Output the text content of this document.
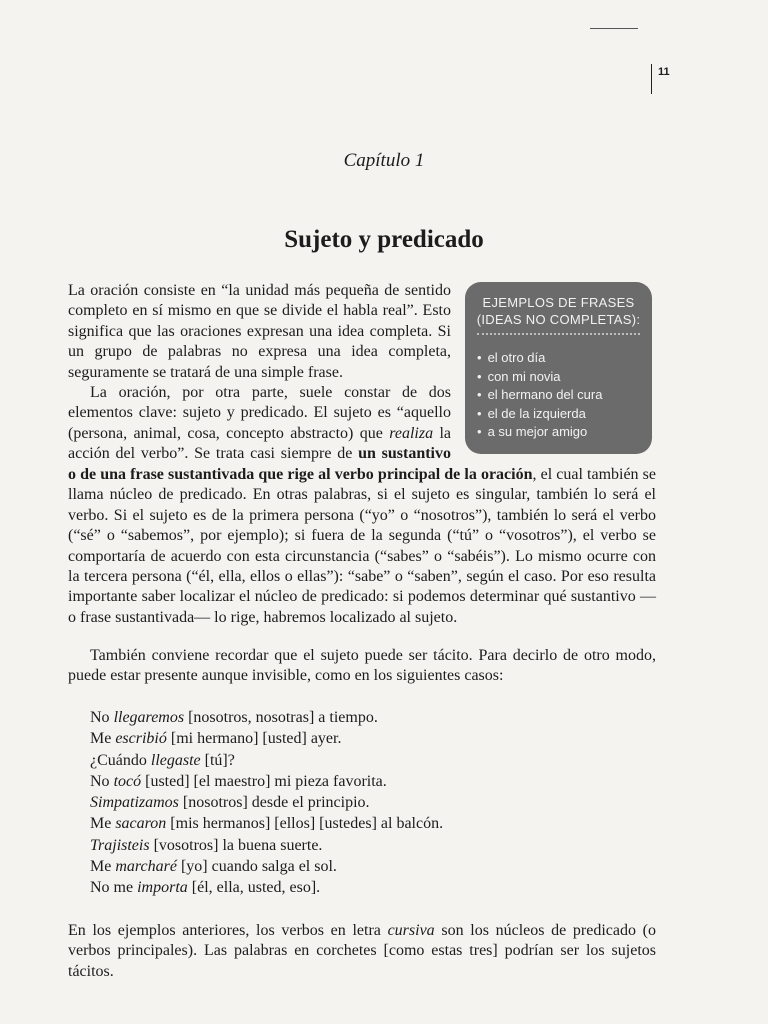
11
Capítulo 1
Sujeto y predicado

La oración consiste en “la unidad más pequeña de sentido completo en sí mismo en que se divide el habla real”. Esto significa que las oraciones expresan una idea completa. Si un grupo de palabras no expresa una idea completa, seguramente se tratará de una simple frase.

La oración, por otra parte, suele constar de dos elementos clave: sujeto y predicado. El sujeto es “aquello (persona, animal, cosa, concepto abstracto) que realiza la acción del verbo”. Se trata casi siempre de un sustantivo

o de una frase sustantivada que rige al verbo principal de la oración, el cual también se llama núcleo de predicado. En otras palabras, si el sujeto es singular, también lo será el verbo. Si el sujeto es de la primera persona (“yo” o “nosotros”), también lo será el verbo (“sé” o “sabemos”, por ejemplo); si fuera de la segunda (“tú” o “vosotros”), el verbo se comportaría de acuerdo con esta circunstancia (“sabes” o “sabéis”). Lo mismo ocurre con la tercera persona (“él, ella, ellos o ellas”): “sabe” o “saben”, según el caso. Por eso resulta importante saber localizar el núcleo de predicado: si podemos determinar qué sustantivo —o frase sustantivada— lo rige, habremos localizado al sujeto.

EJEMPLOS DE FRASES
(IDEAS NO COMPLETAS):
• el otro día
• con mi novia
• el hermano del cura
• el de la izquierda
• a su mejor amigo

También conviene recordar que el sujeto puede ser tácito. Para decirlo de otro modo, puede estar presente aunque invisible, como en los siguientes casos:

No llegaremos [nosotros, nosotras] a tiempo.
Me escribió [mi hermano] [usted] ayer.
¿Cuándo llegaste [tú]?
No tocó [usted] [el maestro] mi pieza favorita.
Simpatizamos [nosotros] desde el principio.
Me sacaron [mis hermanos] [ellos] [ustedes] al balcón.
Trajisteis [vosotros] la buena suerte.
Me marcharé [yo] cuando salga el sol.
No me importa [él, ella, usted, eso].

En los ejemplos anteriores, los verbos en letra cursiva son los núcleos de predicado (o verbos principales). Las palabras en corchetes [como estas tres] podrían ser los sujetos tácitos.
